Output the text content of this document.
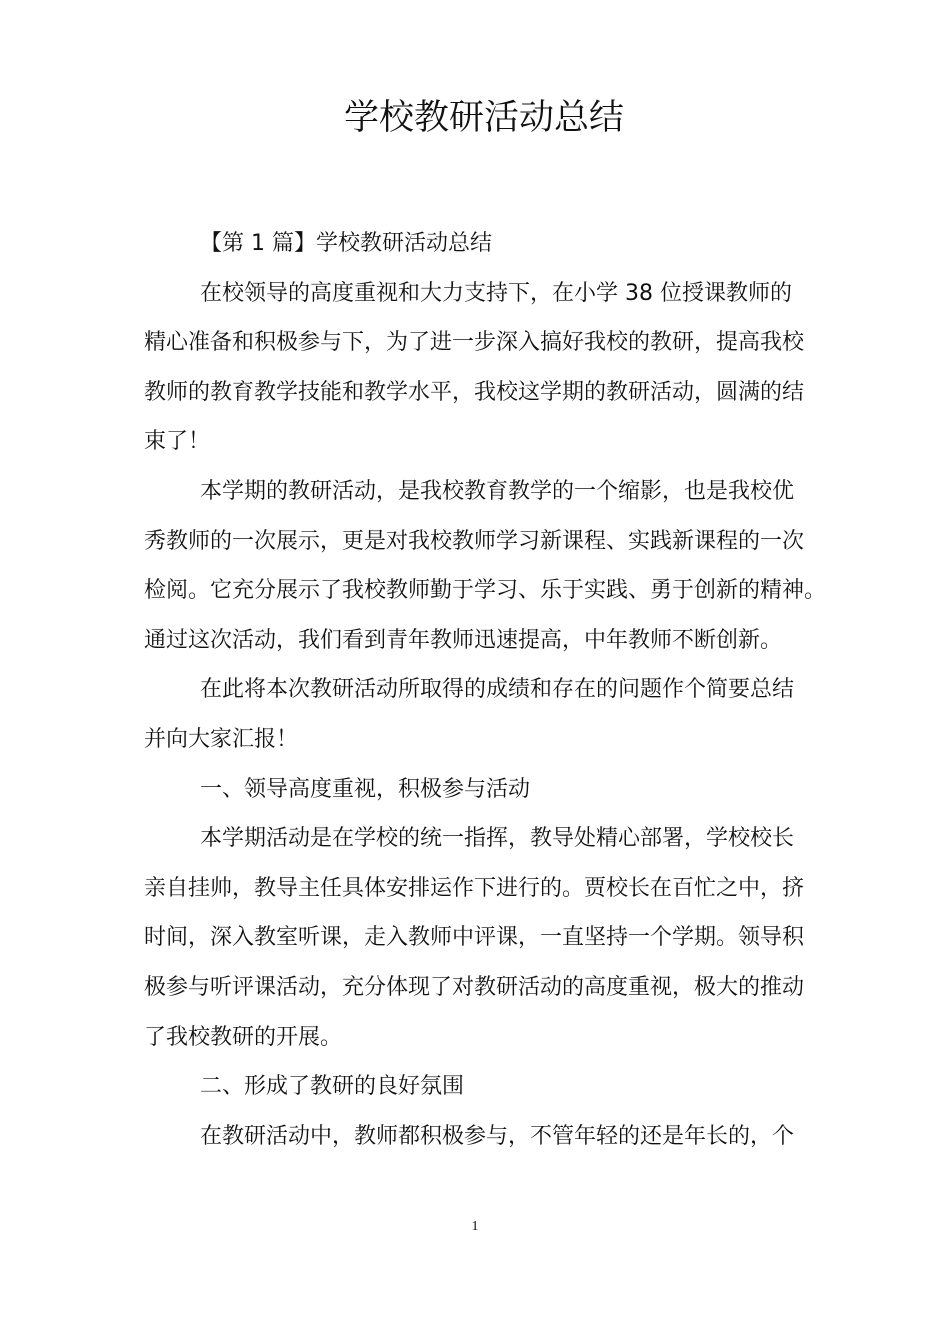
学校教研活动总结
【第 1 篇】学校教研活动总结
在校领导的高度重视和大力支持下，在小学 38 位授课教师的
精心准备和积极参与下，为了进一步深入搞好我校的教研，提高我校
教师的教育教学技能和教学水平，我校这学期的教研活动，圆满的结
束了！
本学期的教研活动，是我校教育教学的一个缩影，也是我校优
秀教师的一次展示，更是对我校教师学习新课程、实践新课程的一次
检阅。它充分展示了我校教师勤于学习、乐于实践、勇于创新的精神。
通过这次活动，我们看到青年教师迅速提高，中年教师不断创新。
在此将本次教研活动所取得的成绩和存在的问题作个简要总结
并向大家汇报！
一、领导高度重视，积极参与活动
本学期活动是在学校的统一指挥，教导处精心部署，学校校长
亲自挂帅，教导主任具体安排运作下进行的。贾校长在百忙之中，挤
时间，深入教室听课，走入教师中评课，一直坚持一个学期。领导积
极参与听评课活动，充分体现了对教研活动的高度重视，极大的推动
了我校教研的开展。
二、形成了教研的良好氛围
在教研活动中，教师都积极参与，不管年轻的还是年长的，个
1
